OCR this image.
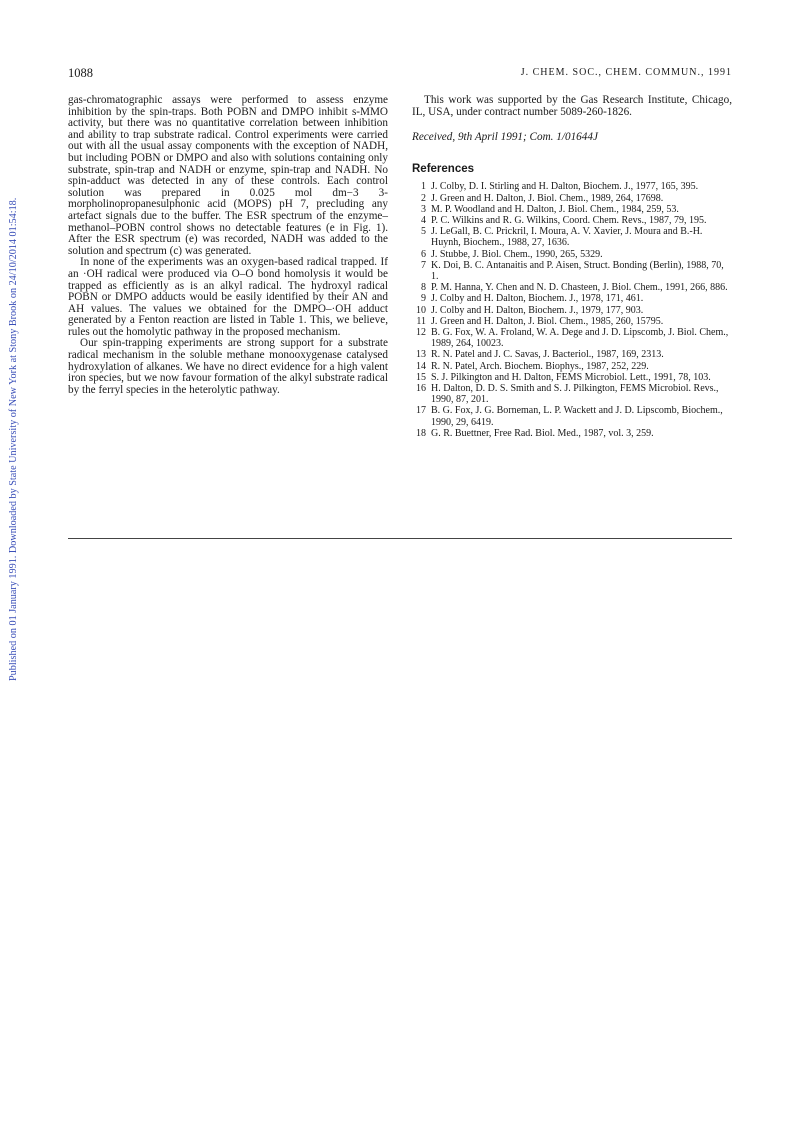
Published on 01 January 1991. Downloaded by State University of New York at Stony Brook on 24/10/2014 01:54:18.
1088	J. CHEM. SOC., CHEM. COMMUN., 1991

gas-chromatographic assays were performed to assess enzyme inhibition by the spin-traps. Both POBN and DMPO inhibit s-MMO activity, but there was no quantitative correlation between inhibition and ability to trap substrate radical. Control experiments were carried out with all the usual assay components with the exception of NADH, but including POBN or DMPO and also with solutions containing only substrate, spin-trap and NADH or enzyme, spin-trap and NADH. No spin-adduct was detected in any of these controls. Each control solution was prepared in 0.025 mol dm−3 3-morpholinopropanesulphonic acid (MOPS) pH 7, precluding any artefact signals due to the buffer. The ESR spectrum of the enzyme–methanol–POBN control shows no detectable features (e in Fig. 1). After the ESR spectrum (e) was recorded, NADH was added to the solution and spectrum (c) was generated.

In none of the experiments was an oxygen-based radical trapped. If an ·OH radical were produced via O–O bond homolysis it would be trapped as efficiently as is an alkyl radical. The hydroxyl radical POBN or DMPO adducts would be easily identified by their AN and AH values. The values we obtained for the DMPO–·OH adduct generated by a Fenton reaction are listed in Table 1. This, we believe, rules out the homolytic pathway in the proposed mechanism.

Our spin-trapping experiments are strong support for a substrate radical mechanism in the soluble methane monooxygenase catalysed hydroxylation of alkanes. We have no direct evidence for a high valent iron species, but we now favour formation of the alkyl substrate radical by the ferryl species in the heterolytic pathway.

This work was supported by the Gas Research Institute, Chicago, IL, USA, under contract number 5089-260-1826.

Received, 9th April 1991; Com. 1/01644J

References
1 J. Colby, D. I. Stirling and H. Dalton, Biochem. J., 1977, 165, 395.
2 J. Green and H. Dalton, J. Biol. Chem., 1989, 264, 17698.
3 M. P. Woodland and H. Dalton, J. Biol. Chem., 1984, 259, 53.
4 P. C. Wilkins and R. G. Wilkins, Coord. Chem. Revs., 1987, 79, 195.
5 J. LeGall, B. C. Prickril, I. Moura, A. V. Xavier, J. Moura and B.-H. Huynh, Biochem., 1988, 27, 1636.
6 J. Stubbe, J. Biol. Chem., 1990, 265, 5329.
7 K. Doi, B. C. Antanaitis and P. Aisen, Struct. Bonding (Berlin), 1988, 70, 1.
8 P. M. Hanna, Y. Chen and N. D. Chasteen, J. Biol. Chem., 1991, 266, 886.
9 J. Colby and H. Dalton, Biochem. J., 1978, 171, 461.
10 J. Colby and H. Dalton, Biochem. J., 1979, 177, 903.
11 J. Green and H. Dalton, J. Biol. Chem., 1985, 260, 15795.
12 B. G. Fox, W. A. Froland, W. A. Dege and J. D. Lipscomb, J. Biol. Chem., 1989, 264, 10023.
13 R. N. Patel and J. C. Savas, J. Bacteriol., 1987, 169, 2313.
14 R. N. Patel, Arch. Biochem. Biophys., 1987, 252, 229.
15 S. J. Pilkington and H. Dalton, FEMS Microbiol. Lett., 1991, 78, 103.
16 H. Dalton, D. D. S. Smith and S. J. Pilkington, FEMS Microbiol. Revs., 1990, 87, 201.
17 B. G. Fox, J. G. Borneman, L. P. Wackett and J. D. Lipscomb, Biochem., 1990, 29, 6419.
18 G. R. Buettner, Free Rad. Biol. Med., 1987, vol. 3, 259.
